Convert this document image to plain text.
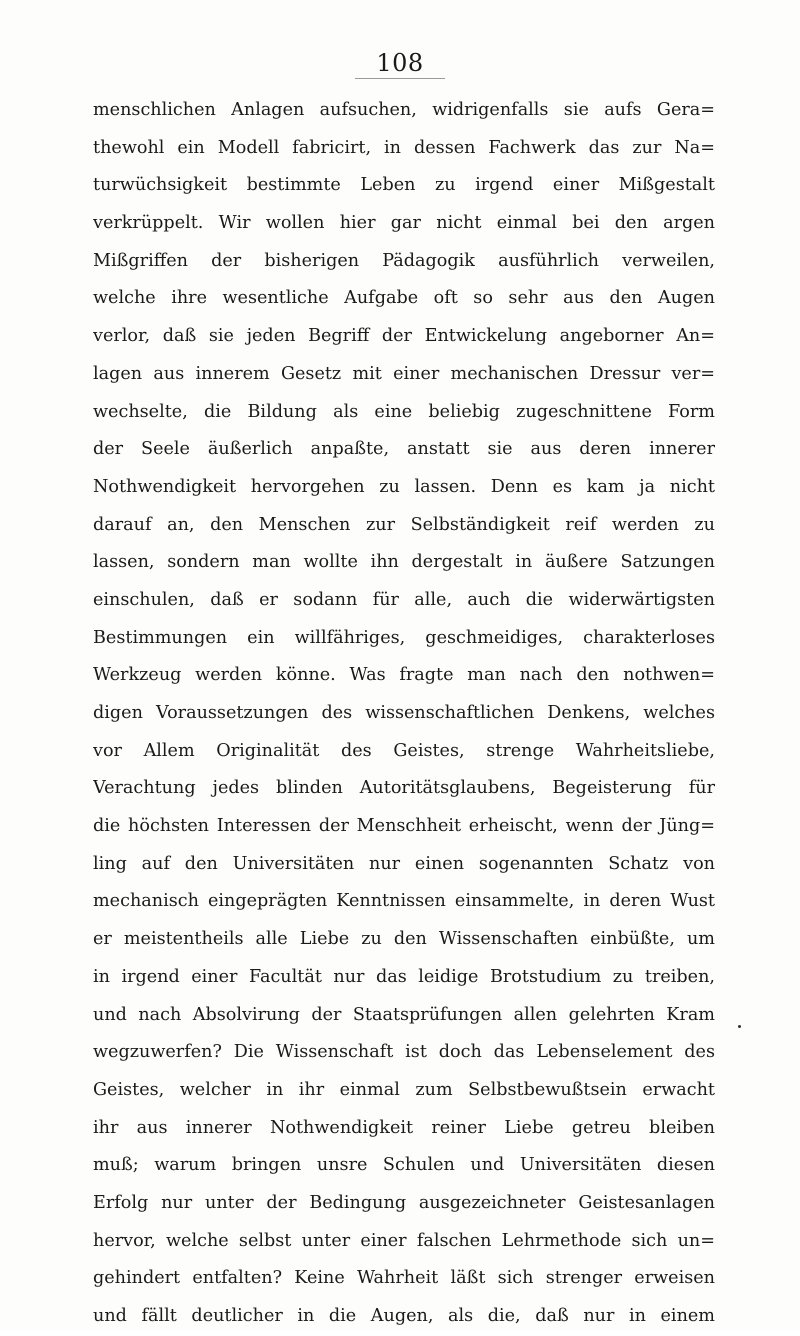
108
menschlichen Anlagen aufsuchen, widrigenfalls sie aufs Gera=
thewohl ein Modell fabricirt, in dessen Fachwerk das zur Na=
turwüchsigkeit bestimmte Leben zu irgend einer Mißgestalt
verkrüppelt. Wir wollen hier gar nicht einmal bei den argen
Mißgriffen der bisherigen Pädagogik ausführlich verweilen,
welche ihre wesentliche Aufgabe oft so sehr aus den Augen
verlor, daß sie jeden Begriff der Entwickelung angeborner An=
lagen aus innerem Gesetz mit einer mechanischen Dressur ver=
wechselte, die Bildung als eine beliebig zugeschnittene Form
der Seele äußerlich anpaßte, anstatt sie aus deren innerer
Nothwendigkeit hervorgehen zu lassen. Denn es kam ja nicht
darauf an, den Menschen zur Selbständigkeit reif werden zu
lassen, sondern man wollte ihn dergestalt in äußere Satzungen
einschulen, daß er sodann für alle, auch die widerwärtigsten
Bestimmungen ein willfähriges, geschmeidiges, charakterloses
Werkzeug werden könne. Was fragte man nach den nothwen=
digen Voraussetzungen des wissenschaftlichen Denkens, welches
vor Allem Originalität des Geistes, strenge Wahrheitsliebe,
Verachtung jedes blinden Autoritätsglaubens, Begeisterung für
die höchsten Interessen der Menschheit erheischt, wenn der Jüng=
ling auf den Universitäten nur einen sogenannten Schatz von
mechanisch eingeprägten Kenntnissen einsammelte, in deren Wust
er meistentheils alle Liebe zu den Wissenschaften einbüßte, um
in irgend einer Facultät nur das leidige Brotstudium zu treiben,
und nach Absolvirung der Staatsprüfungen allen gelehrten Kram
wegzuwerfen? Die Wissenschaft ist doch das Lebenselement des
Geistes, welcher in ihr einmal zum Selbstbewußtsein erwacht
ihr aus innerer Nothwendigkeit reiner Liebe getreu bleiben
muß; warum bringen unsre Schulen und Universitäten diesen
Erfolg nur unter der Bedingung ausgezeichneter Geistesanlagen
hervor, welche selbst unter einer falschen Lehrmethode sich un=
gehindert entfalten? Keine Wahrheit läßt sich strenger erweisen
und fällt deutlicher in die Augen, als die, daß nur in einem
